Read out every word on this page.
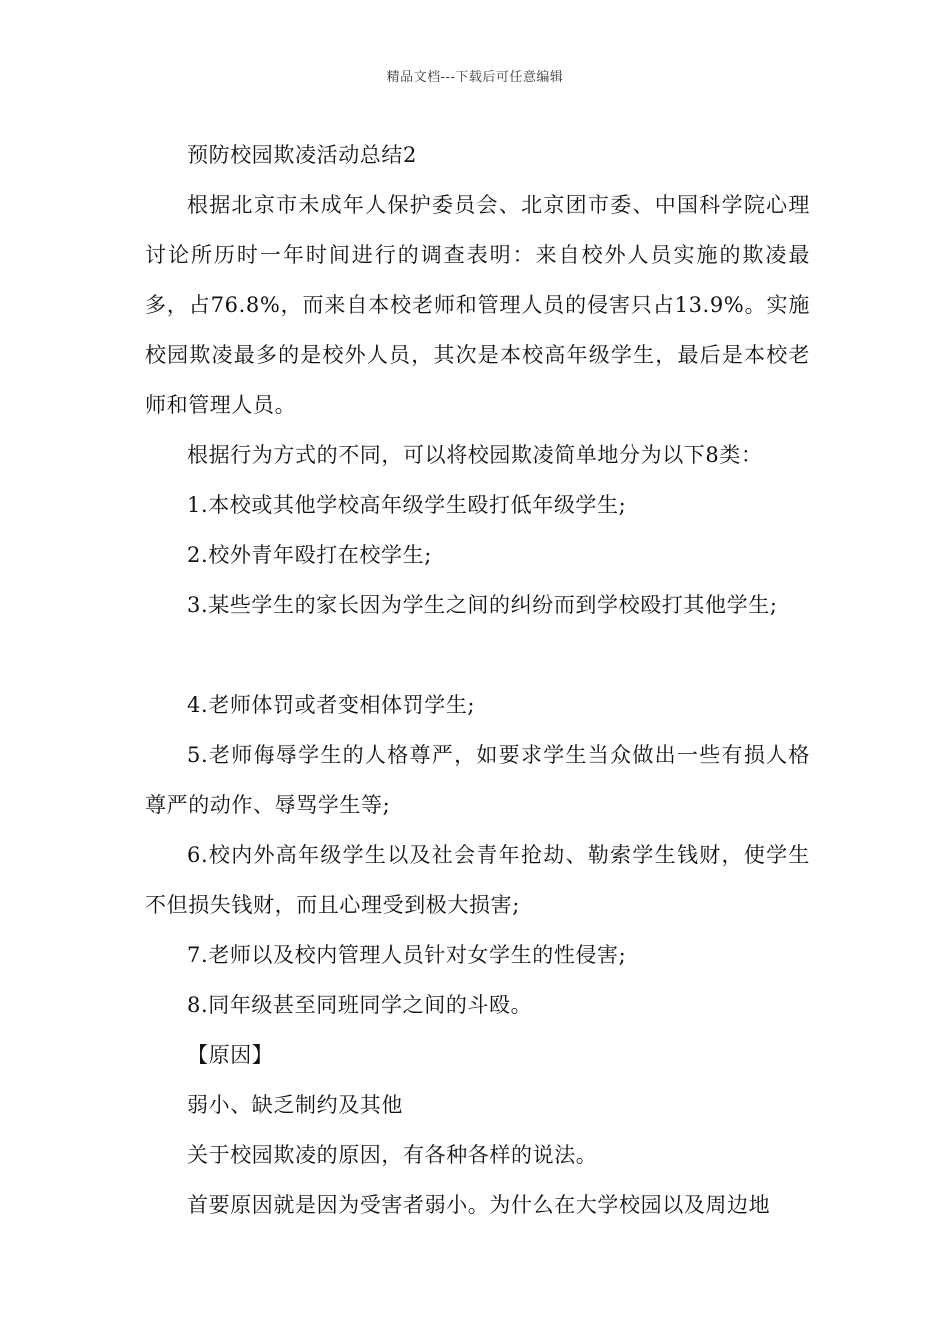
精品文档---下载后可任意编辑

预防校园欺凌活动总结2

根据北京市未成年人保护委员会、北京团市委、中国科学院心理讨论所历时一年时间进行的调查表明：来自校外人员实施的欺凌最多，占76.8%，而来自本校老师和管理人员的侵害只占13.9%。实施校园欺凌最多的是校外人员，其次是本校高年级学生，最后是本校老师和管理人员。

根据行为方式的不同，可以将校园欺凌简单地分为以下8类：

1.本校或其他学校高年级学生殴打低年级学生;

2.校外青年殴打在校学生;

3.某些学生的家长因为学生之间的纠纷而到学校殴打其他学生;

4.老师体罚或者变相体罚学生;

5.老师侮辱学生的人格尊严，如要求学生当众做出一些有损人格尊严的动作、辱骂学生等;

6.校内外高年级学生以及社会青年抢劫、勒索学生钱财，使学生不但损失钱财，而且心理受到极大损害;

7.老师以及校内管理人员针对女学生的性侵害;

8.同年级甚至同班同学之间的斗殴。

【原因】

弱小、缺乏制约及其他

关于校园欺凌的原因，有各种各样的说法。

首要原因就是因为受害者弱小。为什么在大学校园以及周边地
